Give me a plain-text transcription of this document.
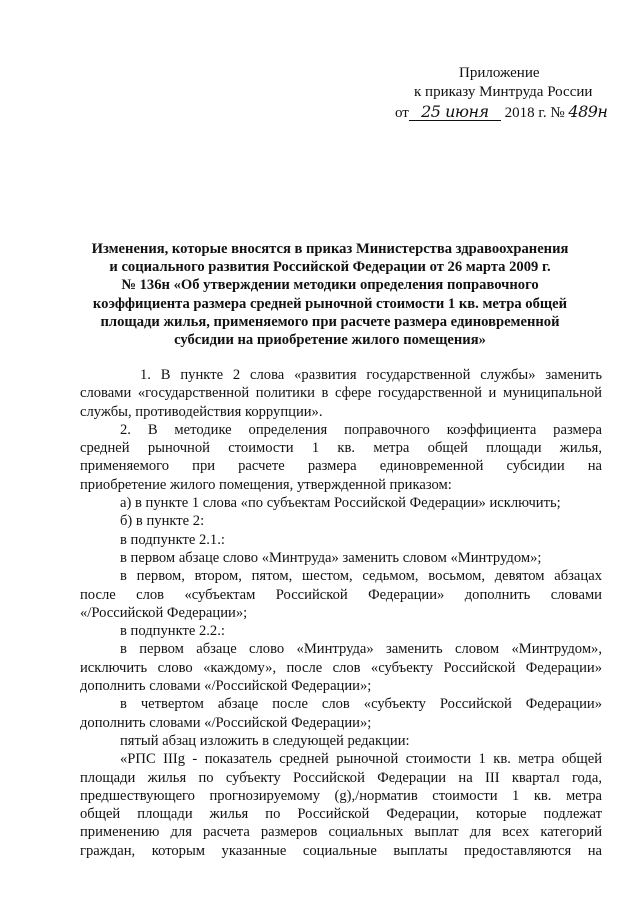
Приложение
к приказу Минтруда России
от 25 июня 2018 г. № 489н
Изменения, которые вносятся в приказ Министерства здравоохранения
и социального развития Российской Федерации от 26 марта 2009 г.
№ 136н «Об утверждении методики определения поправочного
коэффициента размера средней рыночной стоимости 1 кв. метра общей
площади жилья, применяемого при расчете размера единовременной
субсидии на приобретение жилого помещения»
1. В пункте 2 слова «развития государственной службы» заменить
словами «государственной политики в сфере государственной и муниципальной
службы, противодействия коррупции».
2. В методике определения поправочного коэффициента размера
средней рыночной стоимости 1 кв. метра общей площади жилья,
применяемого при расчете размера единовременной субсидии на
приобретение жилого помещения, утвержденной приказом:
а) в пункте 1 слова «по субъектам Российской Федерации» исключить;
б) в пункте 2:
в подпункте 2.1.:
в первом абзаце слово «Минтруда» заменить словом «Минтрудом»;
в первом, втором, пятом, шестом, седьмом, восьмом, девятом абзацах
после слов «субъектам Российской Федерации» дополнить словами
«/Российской Федерации»;
в подпункте 2.2.:
в первом абзаце слово «Минтруда» заменить словом «Минтрудом»,
исключить слово «каждому», после слов «субъекту Российской Федерации»
дополнить словами «/Российской Федерации»;
в четвертом абзаце после слов «субъекту Российской Федерации»
дополнить словами «/Российской Федерации»;
пятый абзац изложить в следующей редакции:
«РПС IIIg - показатель средней рыночной стоимости 1 кв. метра общей
площади жилья по субъекту Российской Федерации на III квартал года,
предшествующего прогнозируемому (g),/норматив стоимости 1 кв. метра
общей площади жилья по Российской Федерации, которые подлежат
применению для расчета размеров социальных выплат для всех категорий
граждан, которым указанные социальные выплаты предоставляются на
